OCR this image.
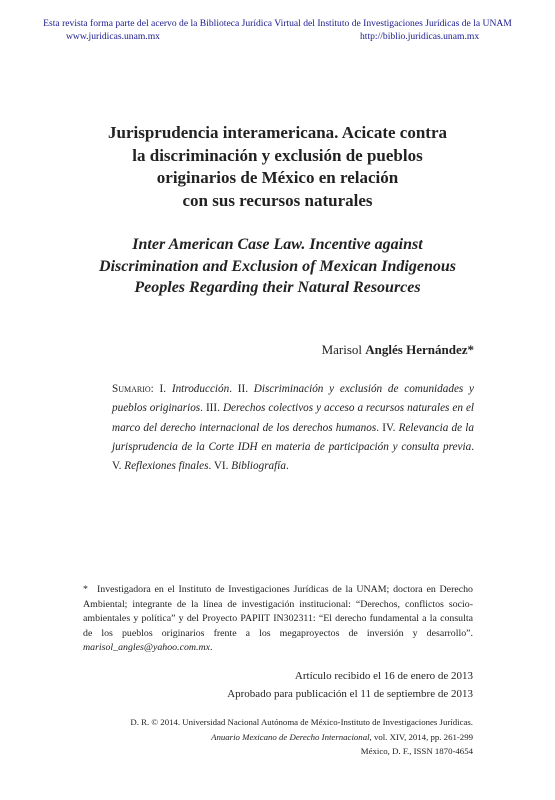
Esta revista forma parte del acervo de la Biblioteca Jurídica Virtual del Instituto de Investigaciones Jurídicas de la UNAM
www.juridicas.unam.mx	http://biblio.juridicas.unam.mx
Jurisprudencia interamericana. Acicate contra
la discriminación y exclusión de pueblos
originarios de México en relación
con sus recursos naturales
Inter American Case Law. Incentive against
Discrimination and Exclusion of Mexican Indigenous
Peoples Regarding their Natural Resources
Marisol Anglés Hernández*
Sumario: I. Introducción. II. Discriminación y exclusión de comunidades y pueblos originarios. III. Derechos colectivos y acceso a recursos naturales en el marco del derecho internacional de los derechos humanos. IV. Relevancia de la jurisprudencia de la Corte IDH en materia de participación y consulta previa. V. Reflexiones finales. VI. Bibliografía.
* Investigadora en el Instituto de Investigaciones Jurídicas de la UNAM; doctora en Derecho Ambiental; integrante de la línea de investigación institucional: “Derechos, conflictos socio-ambientales y política” y del Proyecto PAPIIT IN302311: “El derecho fundamental a la consulta de los pueblos originarios frente a los megaproyectos de inversión y desarrollo”. marisol_angles@yahoo.com.mx.
Artículo recibido el 16 de enero de 2013
Aprobado para publicación el 11 de septiembre de 2013
D. R. © 2014. Universidad Nacional Autónoma de México-Instituto de Investigaciones Jurídicas.
Anuario Mexicano de Derecho Internacional, vol. XIV, 2014, pp. 261-299
México, D. F., ISSN 1870-4654
